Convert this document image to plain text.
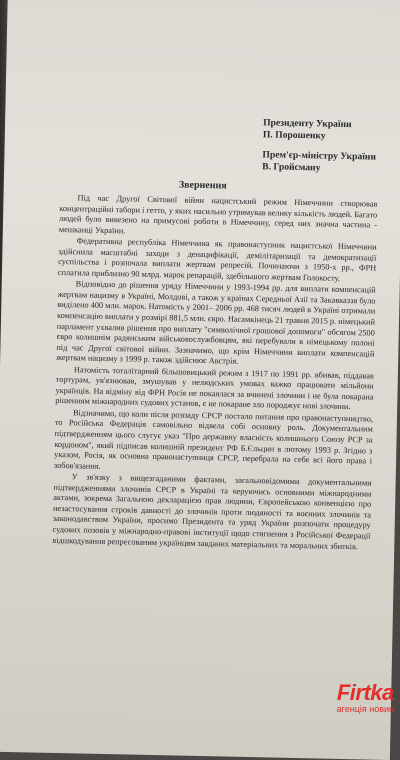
Президенту України
П. Порошенку
Прем'єр-міністру України
В. Гройсману
Звернення

Під час Другої Світової війни нацистський режим Німеччини створював концентраційні табори і гетто, у яких насильно утримував велику кількість людей. Багато людей було вивезено на примусові роботи в Німеччину, серед них значна частина - мешканці України.

Федеративна республіка Німеччина як правонаступник нацистської Німеччини здійснила масштабні заходи з денацифікації, демілітаризації та демократизації суспільства і розпочала виплати жертвам репресій. Починаючи з 1950-х рр., ФРН сплатила приблизно 90 млрд. марок репарацій, здебільшого жертвам Голокосту.

Відповідно до рішення уряду Німеччини у 1993-1994 рр. для виплати компенсацій жертвам нацизму в Україні, Молдові, а також у країнах Середньої Азії та Закавказзя було виділено 400 млн. марок. Натомість у 2001– 2006 рр. 468 тисяч людей в Україні отримали компенсацію виплати у розмірі 881,5 млн. євро. Насамкінець 21 травня 2015 р. німецький парламент ухвалив рішення про виплату "символічної грошової допомоги" обсягом 2500 євро колишнім радянським військовослужбовцям, які перебували в німецькому полоні під час Другої світової війни. Зазначимо, що крім Німеччини виплати компенсацій жертвам нацизму з 1999 р. також здійснює Австрія.

Натомість тоталітарний більшовицький режим з 1917 по 1991 рр. вбивав, піддавав тортурам, ув'язнював, змушував у нелюдських умовах важко працювати мільйони українців. На відміну від ФРН Росія не покаялася за вчинені злочини і не була покарана рішенням міжнародних судових установ, є не покаране зло породжує нові злочини.

Відзначимо, що коли після розпаду СРСР постало питання про правонаступництво, то Російська Федерація самовільно відвела собі основну роль. Документальним підтвердженням цього слугує указ "Про державну власність колишнього Союзу РСР за кордоном", який підписав колишній президент РФ Б.Єльцин в лютому 1993 р. Згідно з указом, Росія, як основна правонаступниця СРСР, перебрала на себе всі його права і зобов'язання.

У зв'язку з вищезгаданими фактами, загальновідомими документальними підтвердженнями злочинів СРСР в Україні та керуючись основними міжнародними актами, зокрема Загальною декларацією прав людини, Європейською конвенцією про незастосування строків давності до злочинів проти людяності та воєнних злочинів та законодавством України, просимо Президента та уряд України розпочати процедуру судових позовів у міжнародно-правові інституції щодо стягнення з Російської Федерації відшкодування репресованим українцям завданих матеріальних та моральних збитків.

Firtka
агенція новин
